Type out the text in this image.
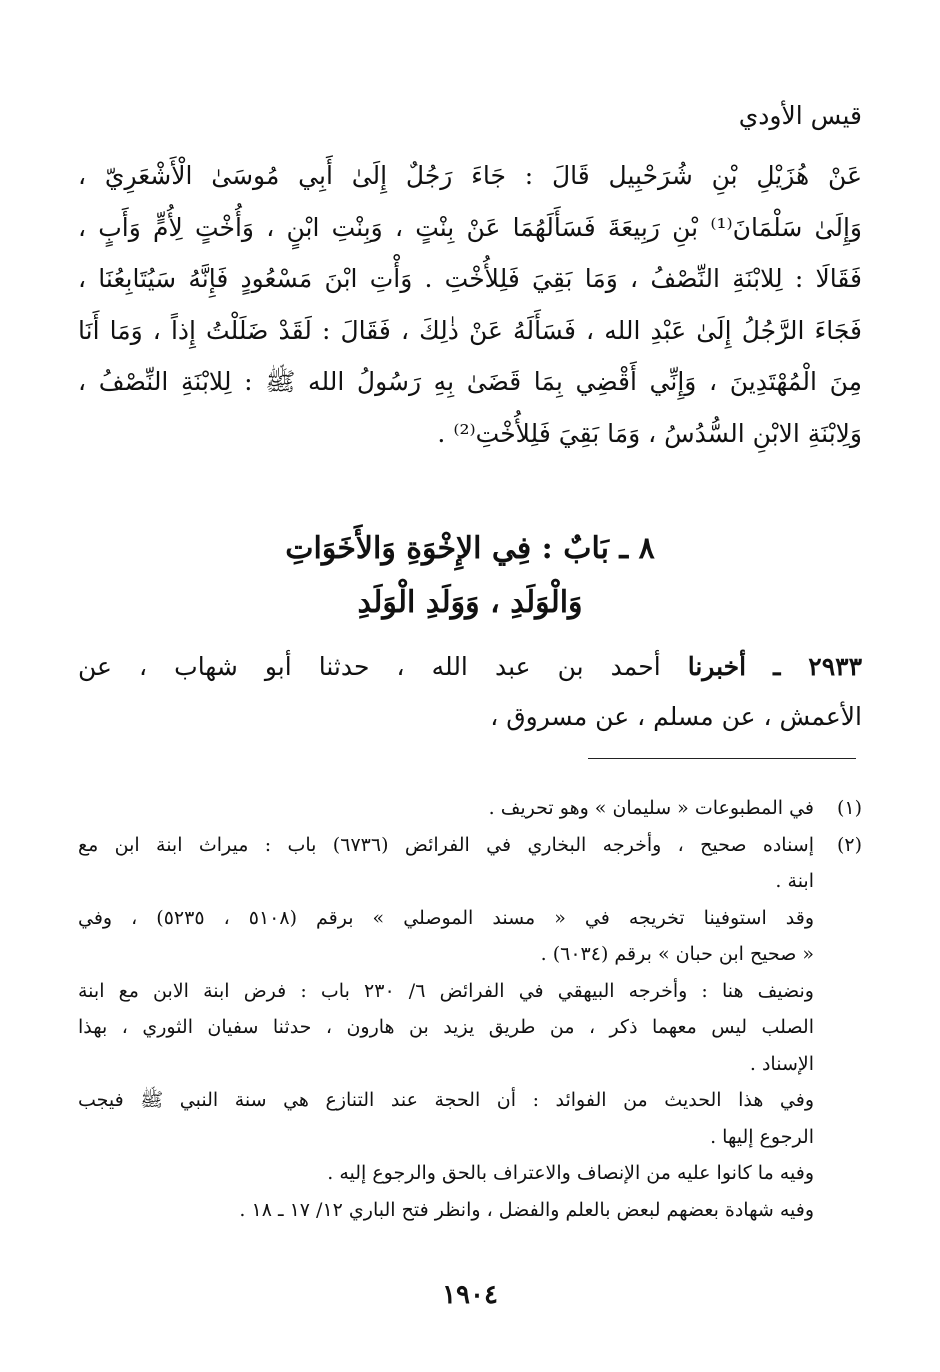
قيس الأودي
عَنْ هُزَيْلِ بْنِ شُرَحْبِيل قَالَ : جَاءَ رَجُلٌ إِلَىٰ أَبِي مُوسَىٰ الْأَشْعَرِيّ ،
وَإِلَىٰ سَلْمَانَ⁽¹⁾ بْنِ رَبِيعَةَ فَسَأَلَهُمَا عَنْ بِنْتٍ ، وَبِنْتِ ابْنٍ ، وَأُخْتٍ لِأُمٍّ وَأَبٍ ،
فَقَالَا : لِلابْنَةِ النِّصْفُ ، وَمَا بَقِيَ فَلِلأُخْتِ . وَأْتِ ابْنَ مَسْعُودٍ فَإِنَّهُ سَيُتَابِعُنَا ،
فَجَاءَ الرَّجُلُ إِلَىٰ عَبْدِ الله ، فَسَأَلَهُ عَنْ ذٰلِكَ ، فَقَالَ : لَقَدْ ضَلَلْتُ إِذاً ، وَمَا أَنَا
مِنَ الْمُهْتَدِينَ ، وَإِنِّي أَقْضِي بِمَا قَضَىٰ بِهِ رَسُولُ الله ﷺ : لِلابْنَةِ النِّصْفُ ،
وَلِابْنَةِ الابْنِ السُّدُسُ ، وَمَا بَقِيَ فَلِلأُخْتِ⁽²⁾ .
٨ ـ بَابٌ : فِي الإِخْوَةِ وَالأَخَوَاتِ
وَالْوَلَدِ ، وَوَلَدِ الْوَلَدِ
٢٩٣٣ ـ أخبرنا أحمد بن عبد الله ، حدثنا أبو شهاب ، عن
الأعمش ، عن مسلم ، عن مسروق ،
(١)
في المطبوعات « سليمان » وهو تحريف .
(٢)
إسناده صحيح ، وأخرجه البخاري في الفرائض (٦٧٣٦) باب : ميراث ابنة ابن مع
ابنة .
وقد استوفينا تخريجه في « مسند الموصلي » برقم (٥١٠٨ ، ٥٢٣٥) ، وفي
« صحيح ابن حبان » برقم (٦٠٣٤) .
ونضيف هنا : وأخرجه البيهقي في الفرائض ٦/ ٢٣٠ باب : فرض ابنة الابن مع ابنة
الصلب ليس معهما ذكر ، من طريق يزيد بن هارون ، حدثنا سفيان الثوري ، بهذا
الإسناد .
وفي هذا الحديث من الفوائد : أن الحجة عند التنازع هي سنة النبي ﷺ فيجب
الرجوع إليها .
وفيه ما كانوا عليه من الإنصاف والاعتراف بالحق والرجوع إليه .
وفيه شهادة بعضهم لبعض بالعلم والفضل ، وانظر فتح الباري ١٢/ ١٧ ـ ١٨ .
١٩٠٤
